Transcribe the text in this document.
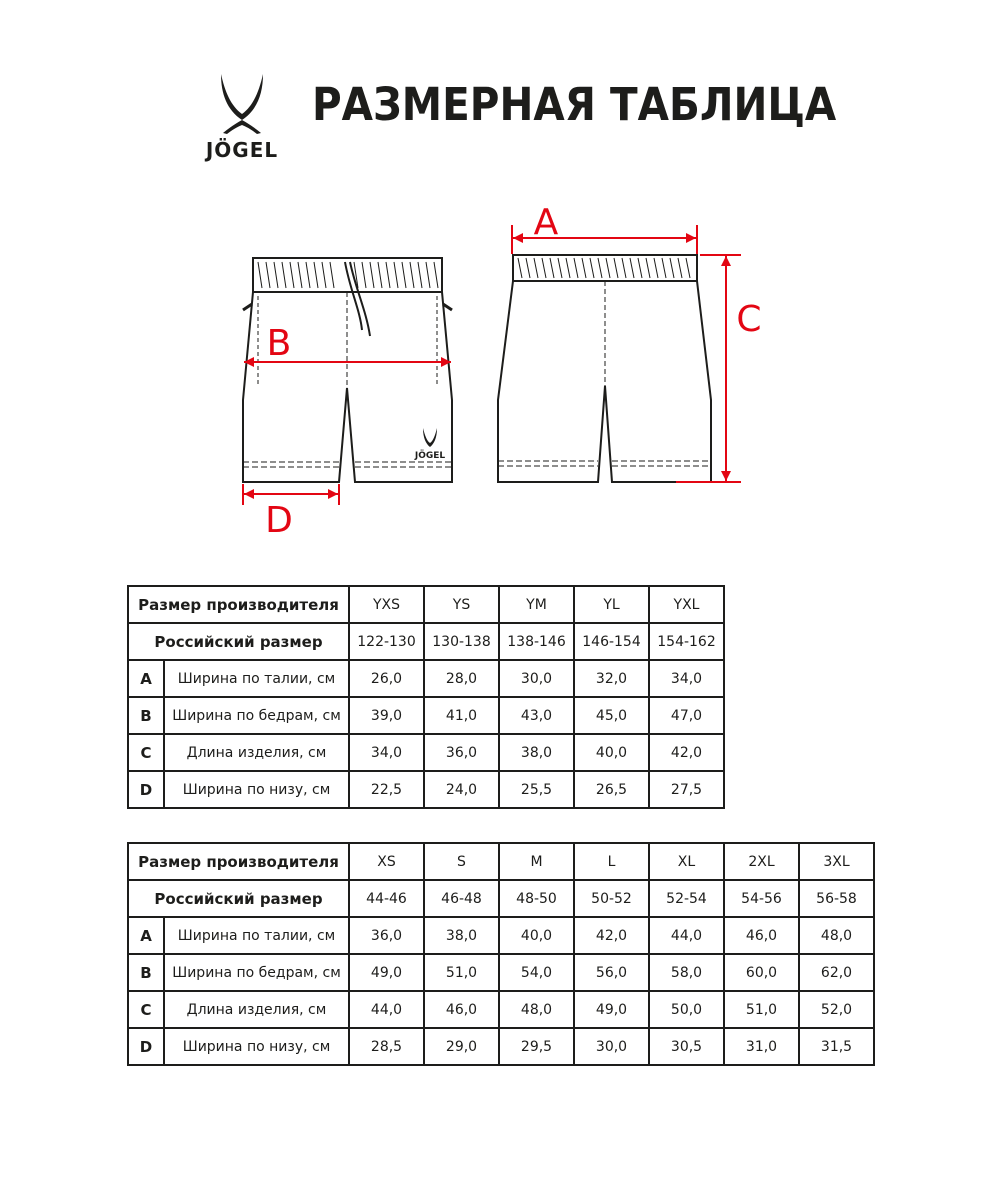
JÖGEL
РАЗМЕРНАЯ ТАБЛИЦА
JÖGEL
A
B
C
D
Размер производителя		YXS	YS	YM	YL	YXL
Российский размер		122-130	130-138	138-146	146-154	154-162
A	Ширина по талии, см	26,0	28,0	30,0	32,0	34,0
B	Ширина по бедрам, см	39,0	41,0	43,0	45,0	47,0
C	Длина изделия, см	34,0	36,0	38,0	40,0	42,0
D	Ширина по низу, см	22,5	24,0	25,5	26,5	27,5
Размер производителя		XS	S	M	L	XL	2XL	3XL
Российский размер		44-46	46-48	48-50	50-52	52-54	54-56	56-58
A	Ширина по талии, см	36,0	38,0	40,0	42,0	44,0	46,0	48,0
B	Ширина по бедрам, см	49,0	51,0	54,0	56,0	58,0	60,0	62,0
C	Длина изделия, см	44,0	46,0	48,0	49,0	50,0	51,0	52,0
D	Ширина по низу, см	28,5	29,0	29,5	30,0	30,5	31,0	31,5
